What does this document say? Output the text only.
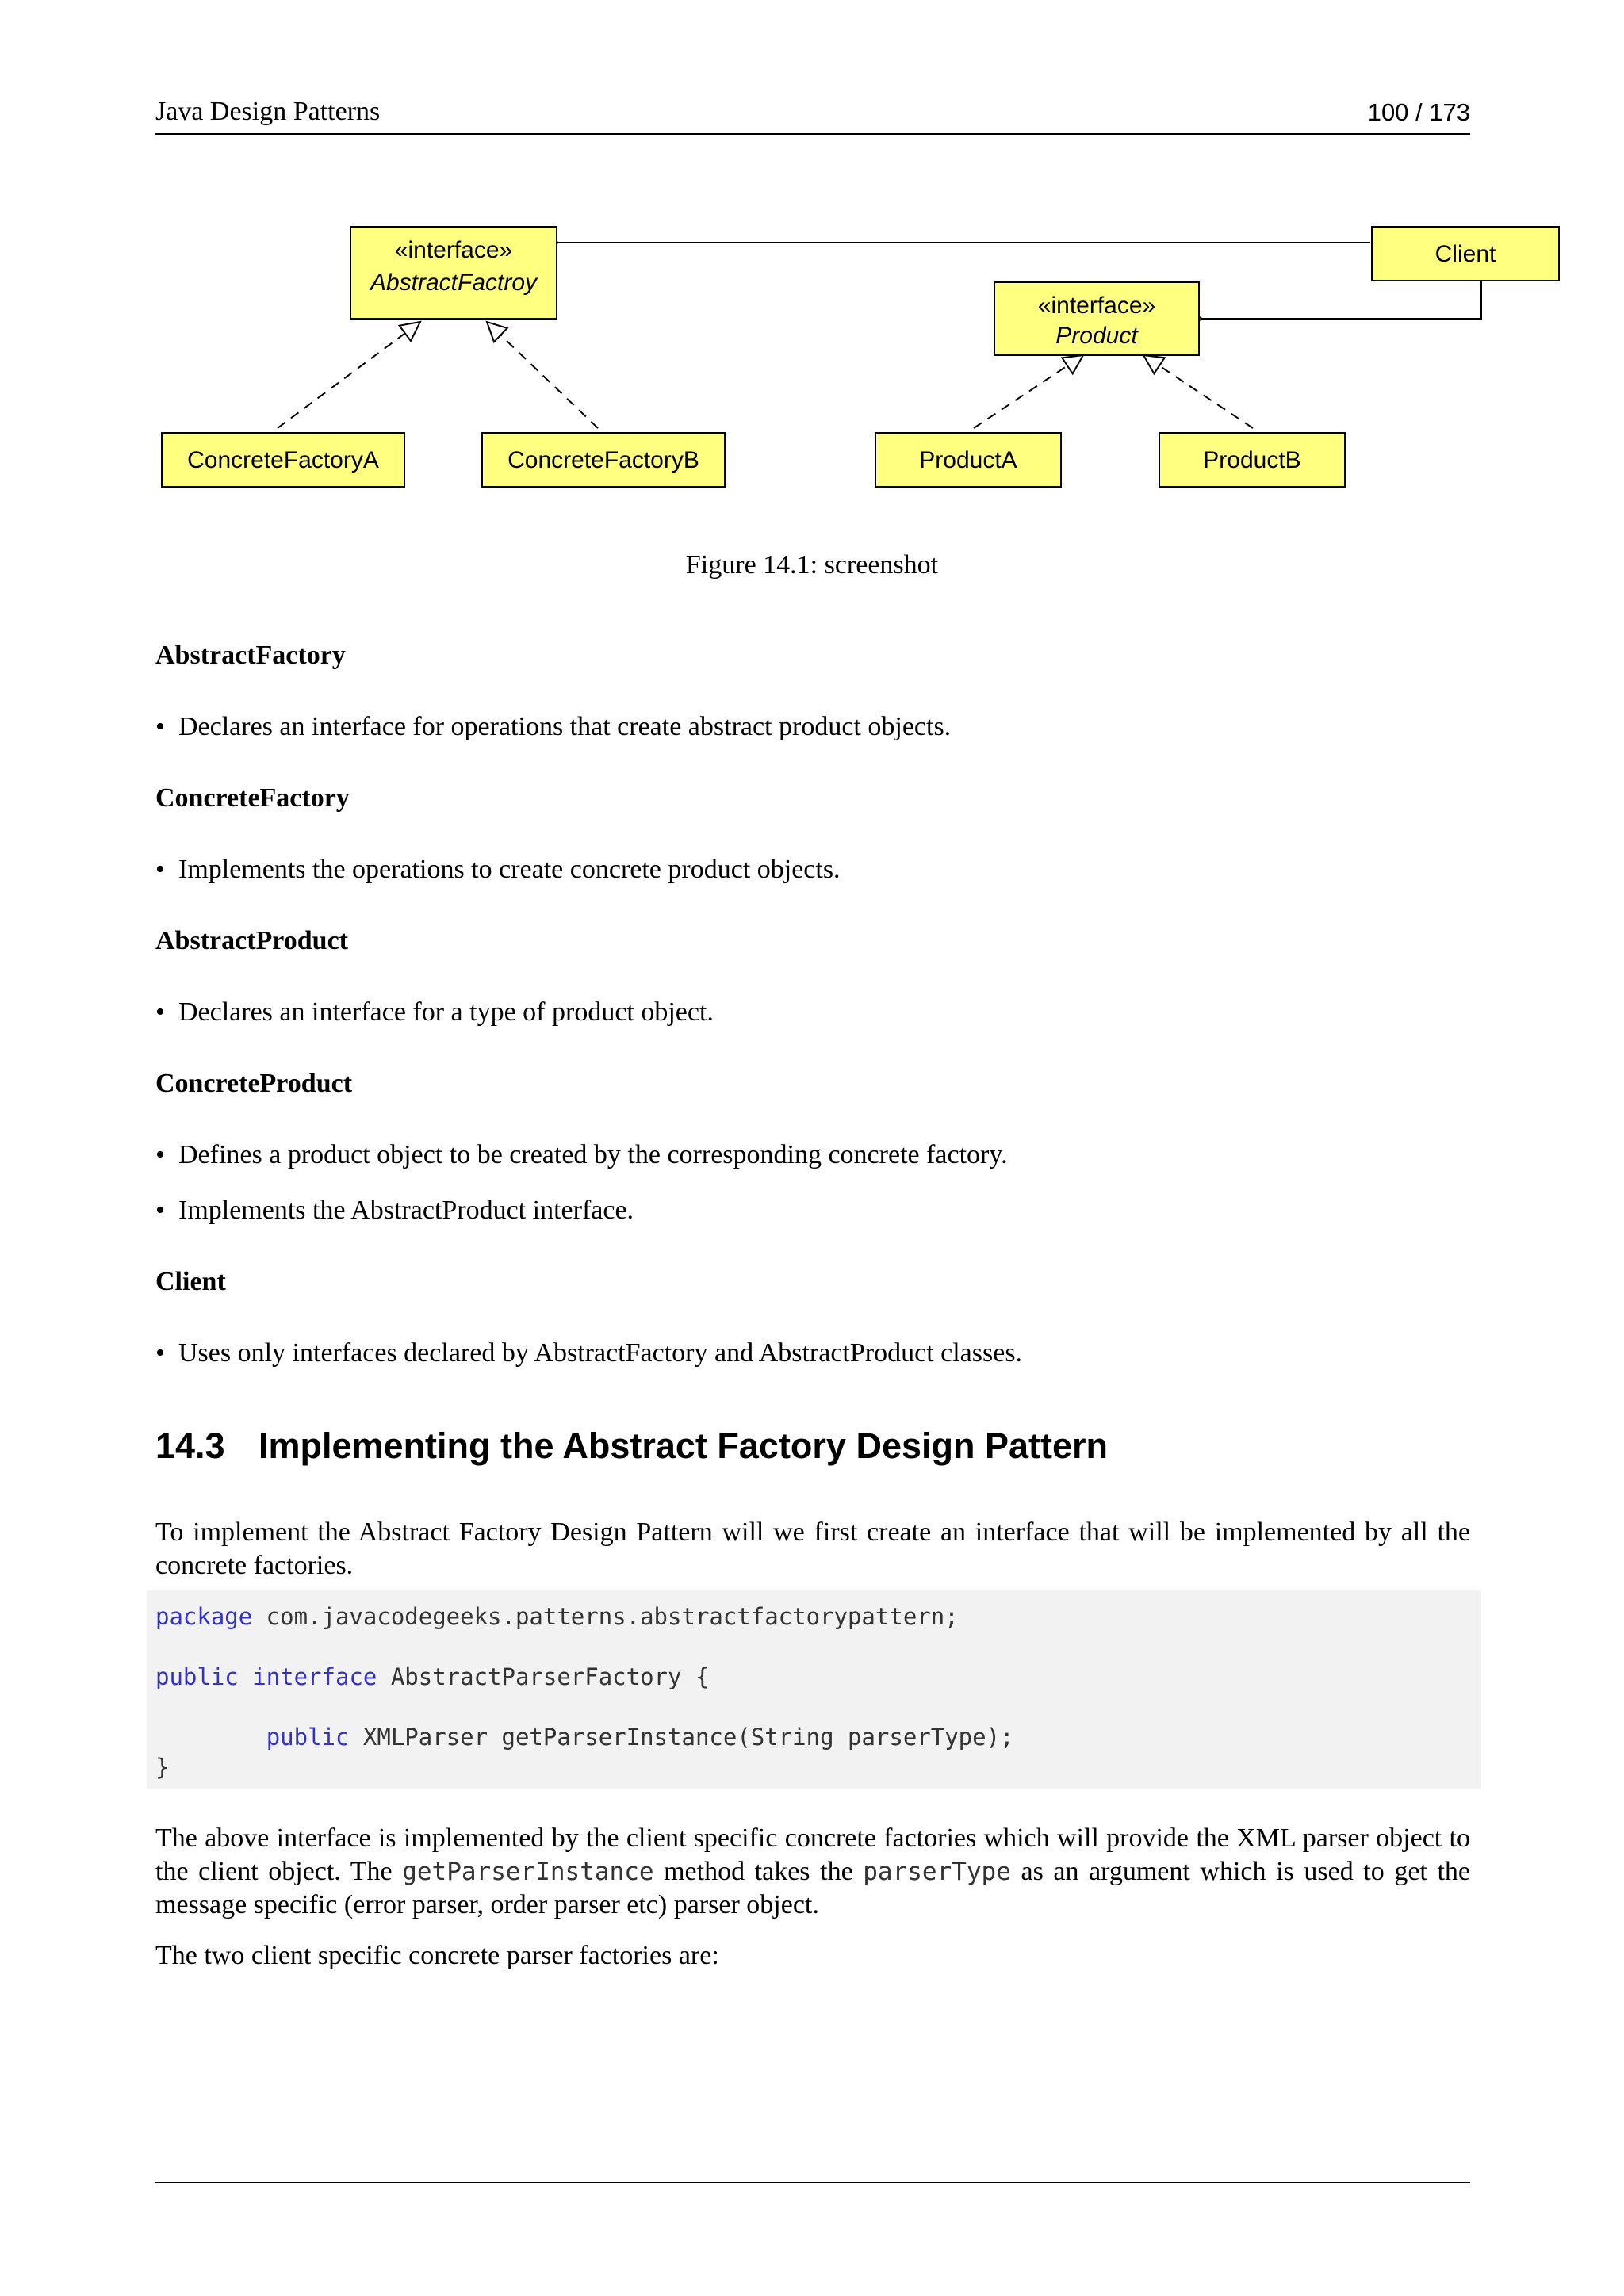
Java Design Patterns	100 / 173
«interface»
AbstractFactroy
Client
«interface»
Product
ConcreteFactoryA	ConcreteFactoryB	ProductA	ProductB
Figure 14.1: screenshot
AbstractFactory
• Declares an interface for operations that create abstract product objects.
ConcreteFactory
• Implements the operations to create concrete product objects.
AbstractProduct
• Declares an interface for a type of product object.
ConcreteProduct
• Defines a product object to be created by the corresponding concrete factory.
• Implements the AbstractProduct interface.
Client
• Uses only interfaces declared by AbstractFactory and AbstractProduct classes.
14.3 Implementing the Abstract Factory Design Pattern
To implement the Abstract Factory Design Pattern will we first create an interface that will be implemented by all the concrete factories.
package com.javacodegeeks.patterns.abstractfactorypattern;
public interface AbstractParserFactory {
public XMLParser getParserInstance(String parserType);
}
The above interface is implemented by the client specific concrete factories which will provide the XML parser object to the client object. The getParserInstance method takes the parserType as an argument which is used to get the message specific (error parser, order parser etc) parser object.
The two client specific concrete parser factories are:
